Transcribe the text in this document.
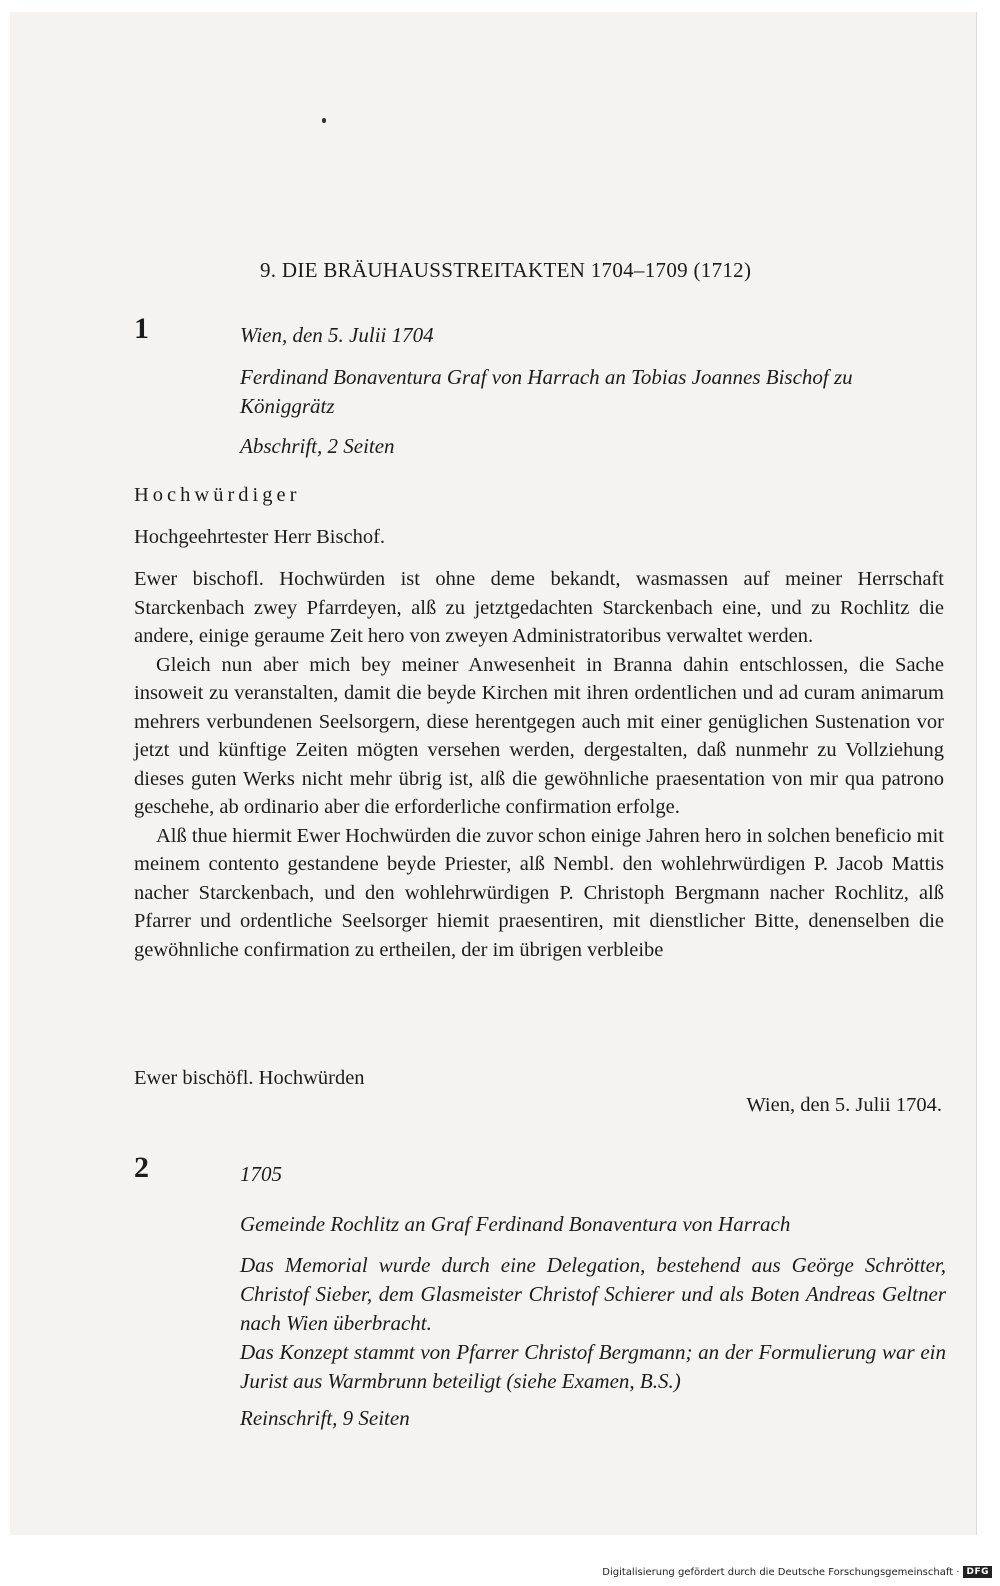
9. DIE BRÄUHAUSSTREITAKTEN 1704–1709 (1712)
1	Wien, den 5. Julii 1704
Ferdinand Bonaventura Graf von Harrach an Tobias Joannes Bischof zu Königgrätz
Abschrift, 2 Seiten
Hochwürdiger
Hochgeehrtester Herr Bischof.

Ewer bischofl. Hochwürden ist ohne deme bekandt, wasmassen auf meiner Herrschaft Starckenbach zwey Pfarrdeyen, alß zu jetztgedachten Starckenbach eine, und zu Rochlitz die andere, einige geraume Zeit hero von zweyen Administratoribus verwaltet werden.

Gleich nun aber mich bey meiner Anwesenheit in Branna dahin entschlossen, die Sache insoweit zu veranstalten, damit die beyde Kirchen mit ihren ordentlichen und ad curam animarum mehrers verbundenen Seelsorgern, diese herentgegen auch mit einer genüglichen Sustenation vor jetzt und künftige Zeiten mögten versehen werden, dergestalten, daß nunmehr zu Vollziehung dieses guten Werks nicht mehr übrig ist, alß die gewöhnliche praesentation von mir qua patrono geschehe, ab ordinario aber die erforderliche confirmation erfolge.

Alß thue hiermit Ewer Hochwürden die zuvor schon einige Jahren hero in solchen beneficio mit meinem contento gestandene beyde Priester, alß Nembl. den wohlehrwürdigen P. Jacob Mattis nacher Starckenbach, und den wohlehrwürdigen P. Christoph Bergmann nacher Rochlitz, alß Pfarrer und ordentliche Seelsorger hiemit praesentiren, mit dienstlicher Bitte, denenselben die gewöhnliche confirmation zu ertheilen, der im übrigen verbleibe

Ewer bischöfl. Hochwürden
Wien, den 5. Julii 1704.
2	1705
Gemeinde Rochlitz an Graf Ferdinand Bonaventura von Harrach
Das Memorial wurde durch eine Delegation, bestehend aus Geörge Schrötter, Christof Sieber, dem Glasmeister Christof Schierer und als Boten Andreas Geltner nach Wien überbracht.
Das Konzept stammt von Pfarrer Christof Bergmann; an der Formulierung war ein Jurist aus Warmbrunn beteiligt (siehe Examen, B.S.)
Reinschrift, 9 Seiten
Digitalisierung gefördert durch die Deutsche Forschungsgemeinschaft · DFG
